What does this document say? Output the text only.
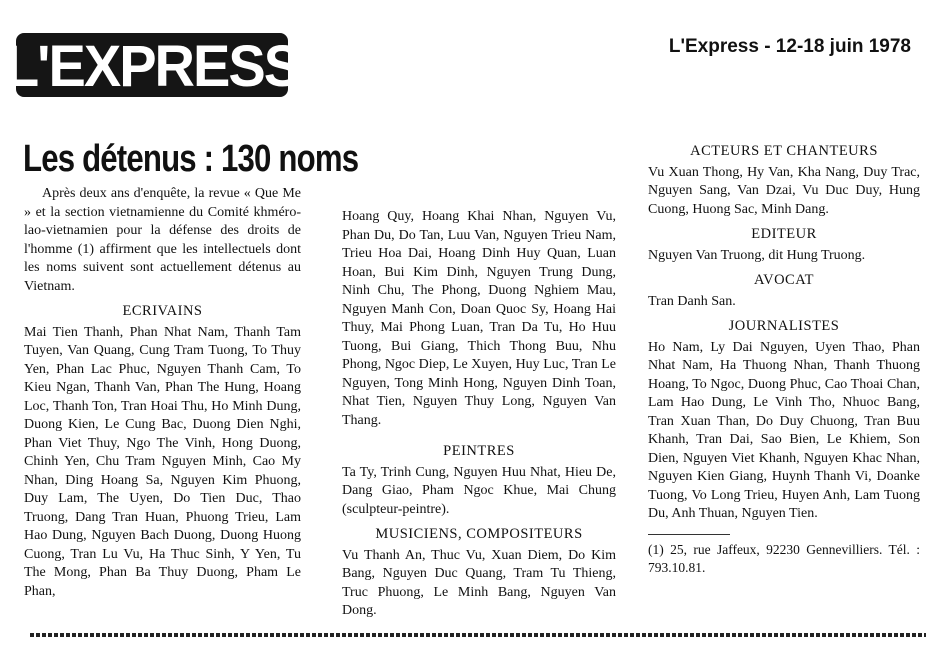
L'EXPRESS	L'Express - 12-18 juin 1978
Les détenus : 130 noms

Après deux ans d'enquête, la revue « Que Me » et la section vietnamienne du Comité khméro-lao-vietnamien pour la défense des droits de l'homme (1) affirment que les intellectuels dont les noms suivent sont actuellement détenus au Vietnam.

ECRIVAINS

Mai Tien Thanh, Phan Nhat Nam, Thanh Tam Tuyen, Van Quang, Cung Tram Tuong, To Thuy Yen, Phan Lac Phuc, Nguyen Thanh Cam, To Kieu Ngan, Thanh Van, Phan The Hung, Hoang Loc, Thanh Ton, Tran Hoai Thu, Ho Minh Dung, Duong Kien, Le Cung Bac, Duong Dien Nghi, Phan Viet Thuy, Ngo The Vinh, Hong Duong, Chinh Yen, Chu Tram Nguyen Minh, Cao My Nhan, Ding Hoang Sa, Nguyen Kim Phuong, Duy Lam, The Uyen, Do Tien Duc, Thao Truong, Dang Tran Huan, Phuong Trieu, Lam Hao Dung, Nguyen Bach Duong, Duong Huong Cuong, Tran Lu Vu, Ha Thuc Sinh, Y Yen, Tu The Mong, Phan Ba Thuy Duong, Pham Le Phan,

Hoang Quy, Hoang Khai Nhan, Nguyen Vu, Phan Du, Do Tan, Luu Van, Nguyen Trieu Nam, Trieu Hoa Dai, Hoang Dinh Huy Quan, Luan Hoan, Bui Kim Dinh, Nguyen Trung Dung, Ninh Chu, The Phong, Duong Nghiem Mau, Nguyen Manh Con, Doan Quoc Sy, Hoang Hai Thuy, Mai Phong Luan, Tran Da Tu, Ho Huu Tuong, Bui Giang, Thich Thong Buu, Nhu Phong, Ngoc Diep, Le Xuyen, Huy Luc, Tran Le Nguyen, Tong Minh Hong, Nguyen Dinh Toan, Nhat Tien, Nguyen Thuy Long, Nguyen Van Thang.

PEINTRES

Ta Ty, Trinh Cung, Nguyen Huu Nhat, Hieu De, Dang Giao, Pham Ngoc Khue, Mai Chung (sculpteur-peintre).

MUSICIENS, COMPOSITEURS

Vu Thanh An, Thuc Vu, Xuan Diem, Do Kim Bang, Nguyen Duc Quang, Tram Tu Thieng, Truc Phuong, Le Minh Bang, Nguyen Van Dong.

ACTEURS ET CHANTEURS

Vu Xuan Thong, Hy Van, Kha Nang, Duy Trac, Nguyen Sang, Van Dzai, Vu Duc Duy, Hung Cuong, Huong Sac, Minh Dang.

EDITEUR

Nguyen Van Truong, dit Hung Truong.

AVOCAT

Tran Danh San.

JOURNALISTES

Ho Nam, Ly Dai Nguyen, Uyen Thao, Phan Nhat Nam, Ha Thuong Nhan, Thanh Thuong Hoang, To Ngoc, Duong Phuc, Cao Thoai Chan, Lam Hao Dung, Le Vinh Tho, Nhuoc Bang, Tran Xuan Than, Do Duy Chuong, Tran Buu Khanh, Tran Dai, Sao Bien, Le Khiem, Son Dien, Nguyen Viet Khanh, Nguyen Khac Nhan, Nguyen Kien Giang, Huynh Thanh Vi, Doanke Tuong, Vo Long Trieu, Huyen Anh, Lam Tuong Du, Anh Thuan, Nguyen Tien.

(1) 25, rue Jaffeux, 92230 Gennevilliers. Tél. : 793.10.81.
